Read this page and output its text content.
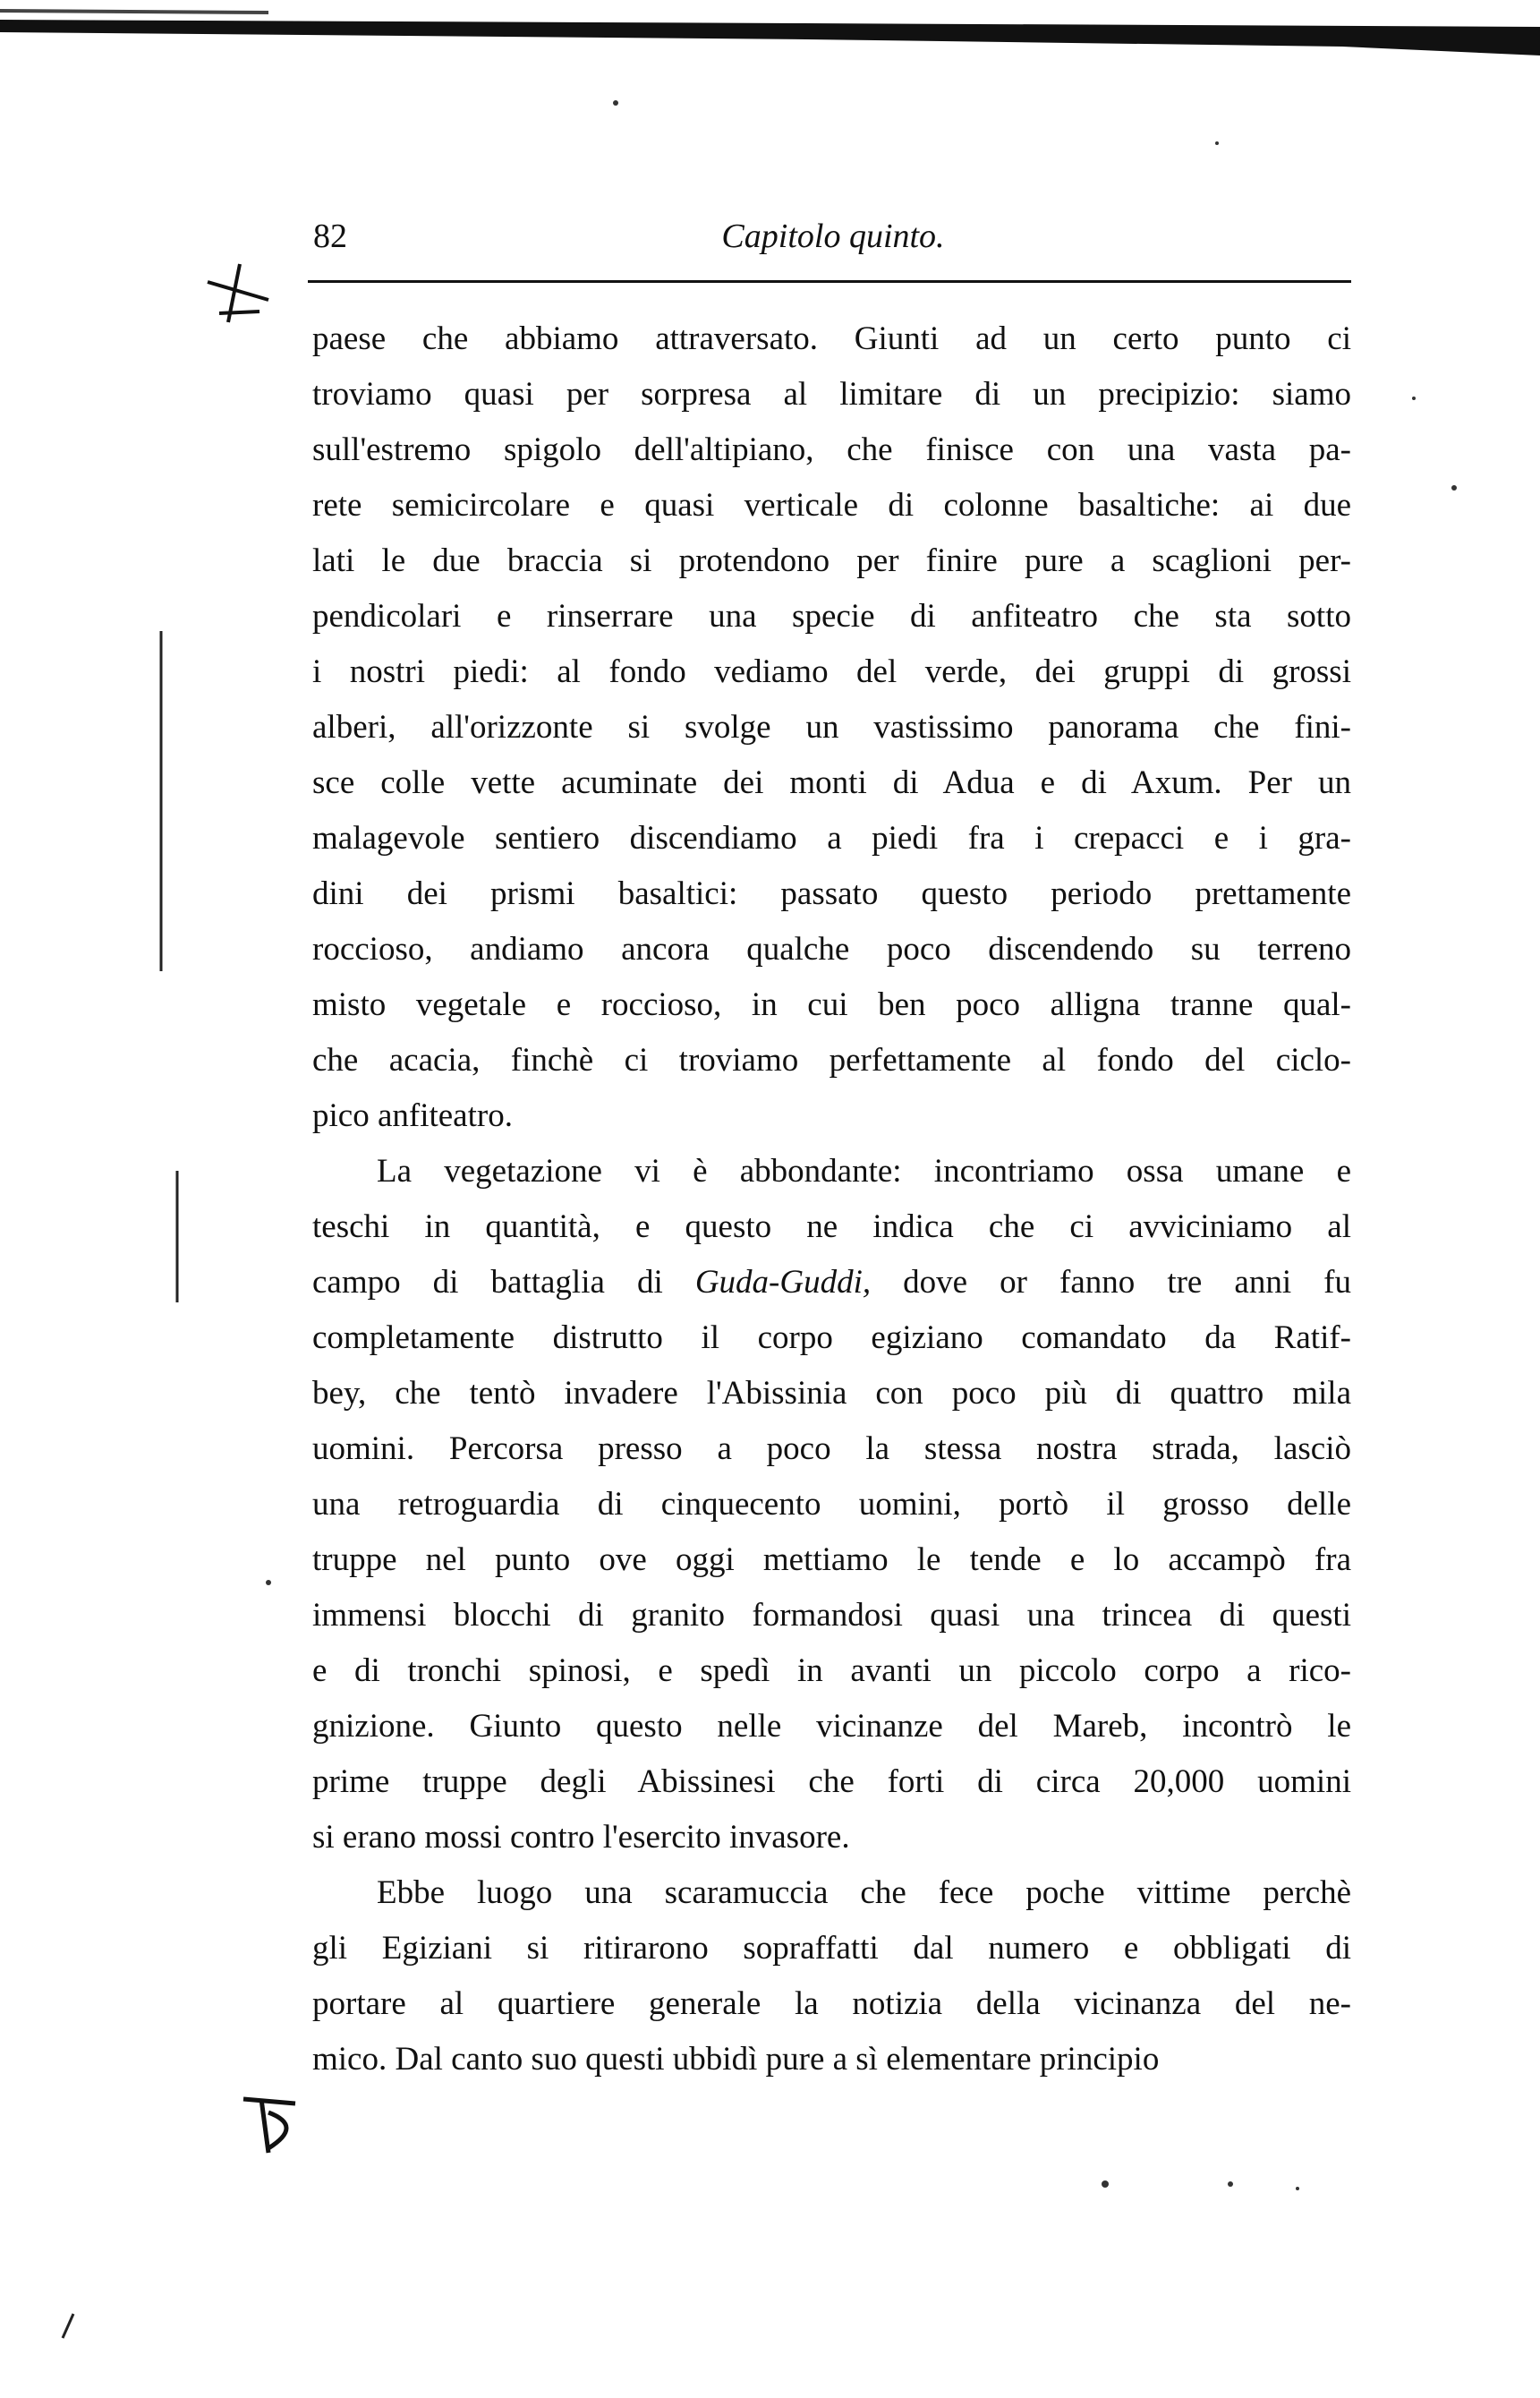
82	Capitolo quinto.
paese che abbiamo attraversato. Giunti ad un certo punto ci
troviamo quasi per sorpresa al limitare di un precipizio: siamo
sull'estremo spigolo dell'altipiano, che finisce con una vasta pa-
rete semicircolare e quasi verticale di colonne basaltiche: ai due
lati le due braccia si protendono per finire pure a scaglioni per-
pendicolari e rinserrare una specie di anfiteatro che sta sotto
i nostri piedi: al fondo vediamo del verde, dei gruppi di grossi
alberi, all'orizzonte si svolge un vastissimo panorama che fini-
sce colle vette acuminate dei monti di Adua e di Axum. Per un
malagevole sentiero discendiamo a piedi fra i crepacci e i gra-
dini dei prismi basaltici: passato questo periodo prettamente
roccioso, andiamo ancora qualche poco discendendo su terreno
misto vegetale e roccioso, in cui ben poco alligna tranne qual-
che acacia, finchè ci troviamo perfettamente al fondo del ciclo-
pico anfiteatro.
La vegetazione vi è abbondante: incontriamo ossa umane e
teschi in quantità, e questo ne indica che ci avviciniamo al
campo di battaglia di Guda-Guddi, dove or fanno tre anni fu
completamente distrutto il corpo egiziano comandato da Ratif-
bey, che tentò invadere l'Abissinia con poco più di quattro mila
uomini. Percorsa presso a poco la stessa nostra strada, lasciò
una retroguardia di cinquecento uomini, portò il grosso delle
truppe nel punto ove oggi mettiamo le tende e lo accampò fra
immensi blocchi di granito formandosi quasi una trincea di questi
e di tronchi spinosi, e spedì in avanti un piccolo corpo a rico-
gnizione. Giunto questo nelle vicinanze del Mareb, incontrò le
prime truppe degli Abissinesi che forti di circa 20,000 uomini
si erano mossi contro l'esercito invasore.
Ebbe luogo una scaramuccia che fece poche vittime perchè
gli Egiziani si ritirarono sopraffatti dal numero e obbligati di
portare al quartiere generale la notizia della vicinanza del ne-
mico. Dal canto suo questi ubbidì pure a sì elementare principio
